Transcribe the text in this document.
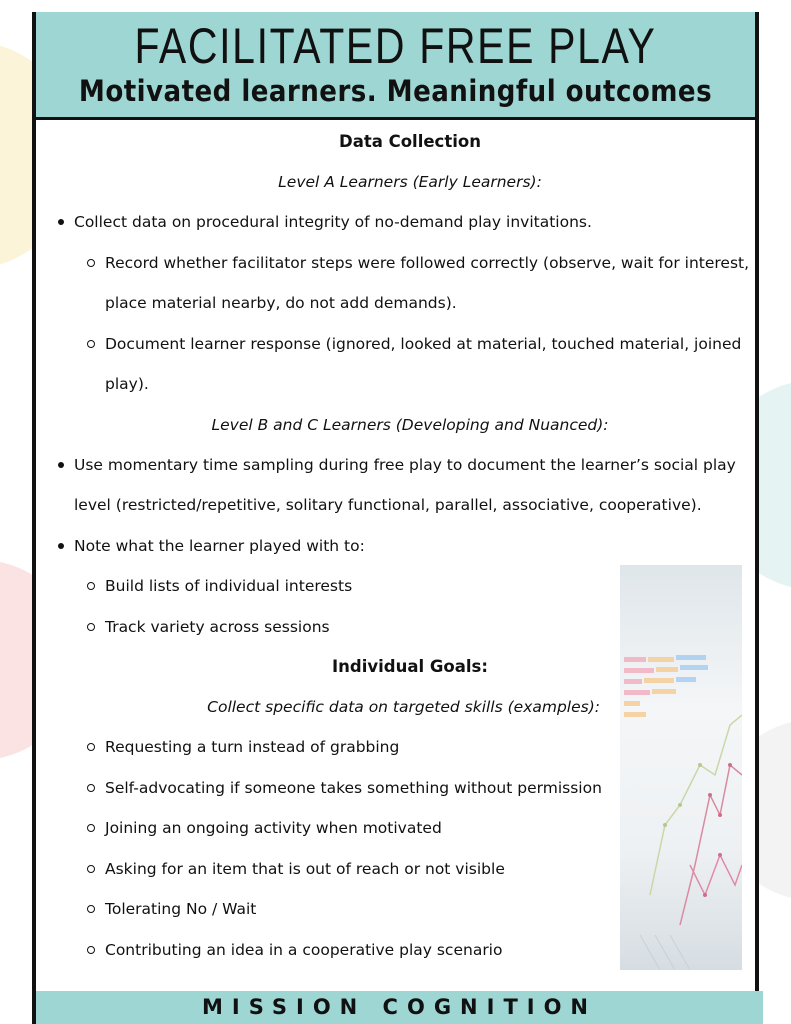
FACILITATED FREE PLAY

Motivated learners. Meaningful outcomes

Data Collection

Level A Learners (Early Learners):

Collect data on procedural integrity of no-demand play invitations.
Record whether facilitator steps were followed correctly (observe, wait for interest,
place material nearby, do not add demands).
Document learner response (ignored, looked at material, touched material, joined
play).

Level B and C Learners (Developing and Nuanced):

Use momentary time sampling during free play to document the learner’s social play
level (restricted/repetitive, solitary functional, parallel, associative, cooperative).
Note what the learner played with to:
Build lists of individual interests
Track variety across sessions

Individual Goals:

Collect specific data on targeted skills (examples):

Requesting a turn instead of grabbing
Self-advocating if someone takes something without permission
Joining an ongoing activity when motivated
Asking for an item that is out of reach or not visible
Tolerating No / Wait
Contributing an idea in a cooperative play scenario
MISSION COGNITION
